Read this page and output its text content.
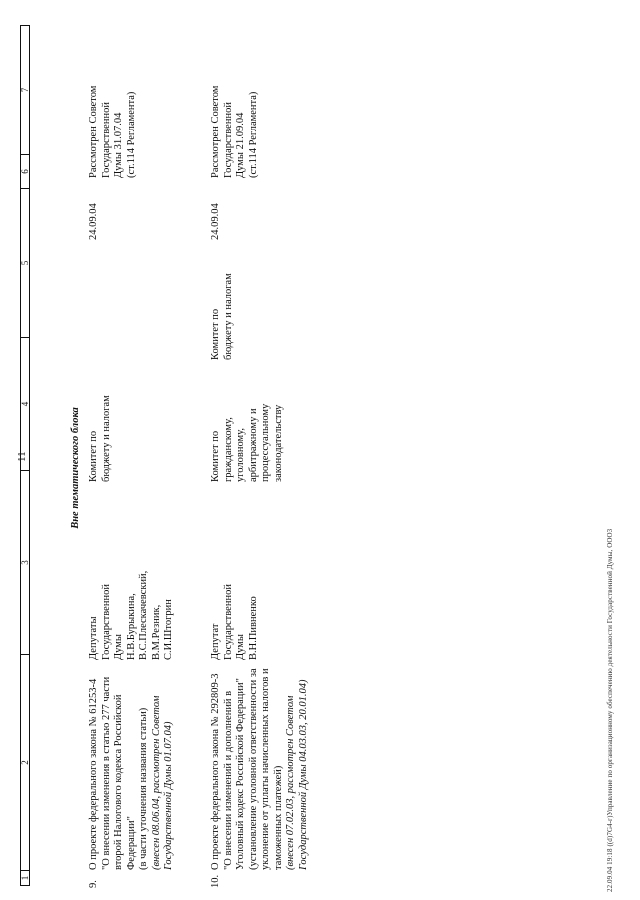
11
1
2
3
4
5
6
7
Вне тематического блока
9.
О проекте федерального закона № 61253-4 "О внесении изменения в статью 277 части второй Налогового кодекса Российской Федерации" (в части уточнения названия статьи) (внесен 08.06.04, рассмотрен Советом Государственной Думы 01.07.04)
Депутаты Государственной Думы Н.В.Бурыкина, В.С.Плескачевский, В.М.Резник, С.И.Штогрин
Комитет по бюджету и налогам
24.09.04
Рассмотрен Советом Государственной Думы 31.07.04 (ст.114 Регламента)
10.
О проекте федерального закона № 292809-3 "О внесении изменений и дополнений в Уголовный кодекс Российской Федерации" (установление уголовной ответственности за уклонение от уплаты начисленных налогов и таможенных платежей) (внесен 07.02.03, рассмотрен Советом Государственной Думы 04.03.03, 20.01.04)
Депутат Государственной Думы В.Н.Пивненко
Комитет по гражданскому, уголовному, арбитражному и процессуальному законодательству
Комитет по бюджету и налогам
24.09.04
Рассмотрен Советом Государственной Думы 21.09.04 (ст.114 Регламента)
22.09.04 19:18 ((d)7G4-г)Управление по организационному обеспечению деятельности Государственной Думы, ООО3
